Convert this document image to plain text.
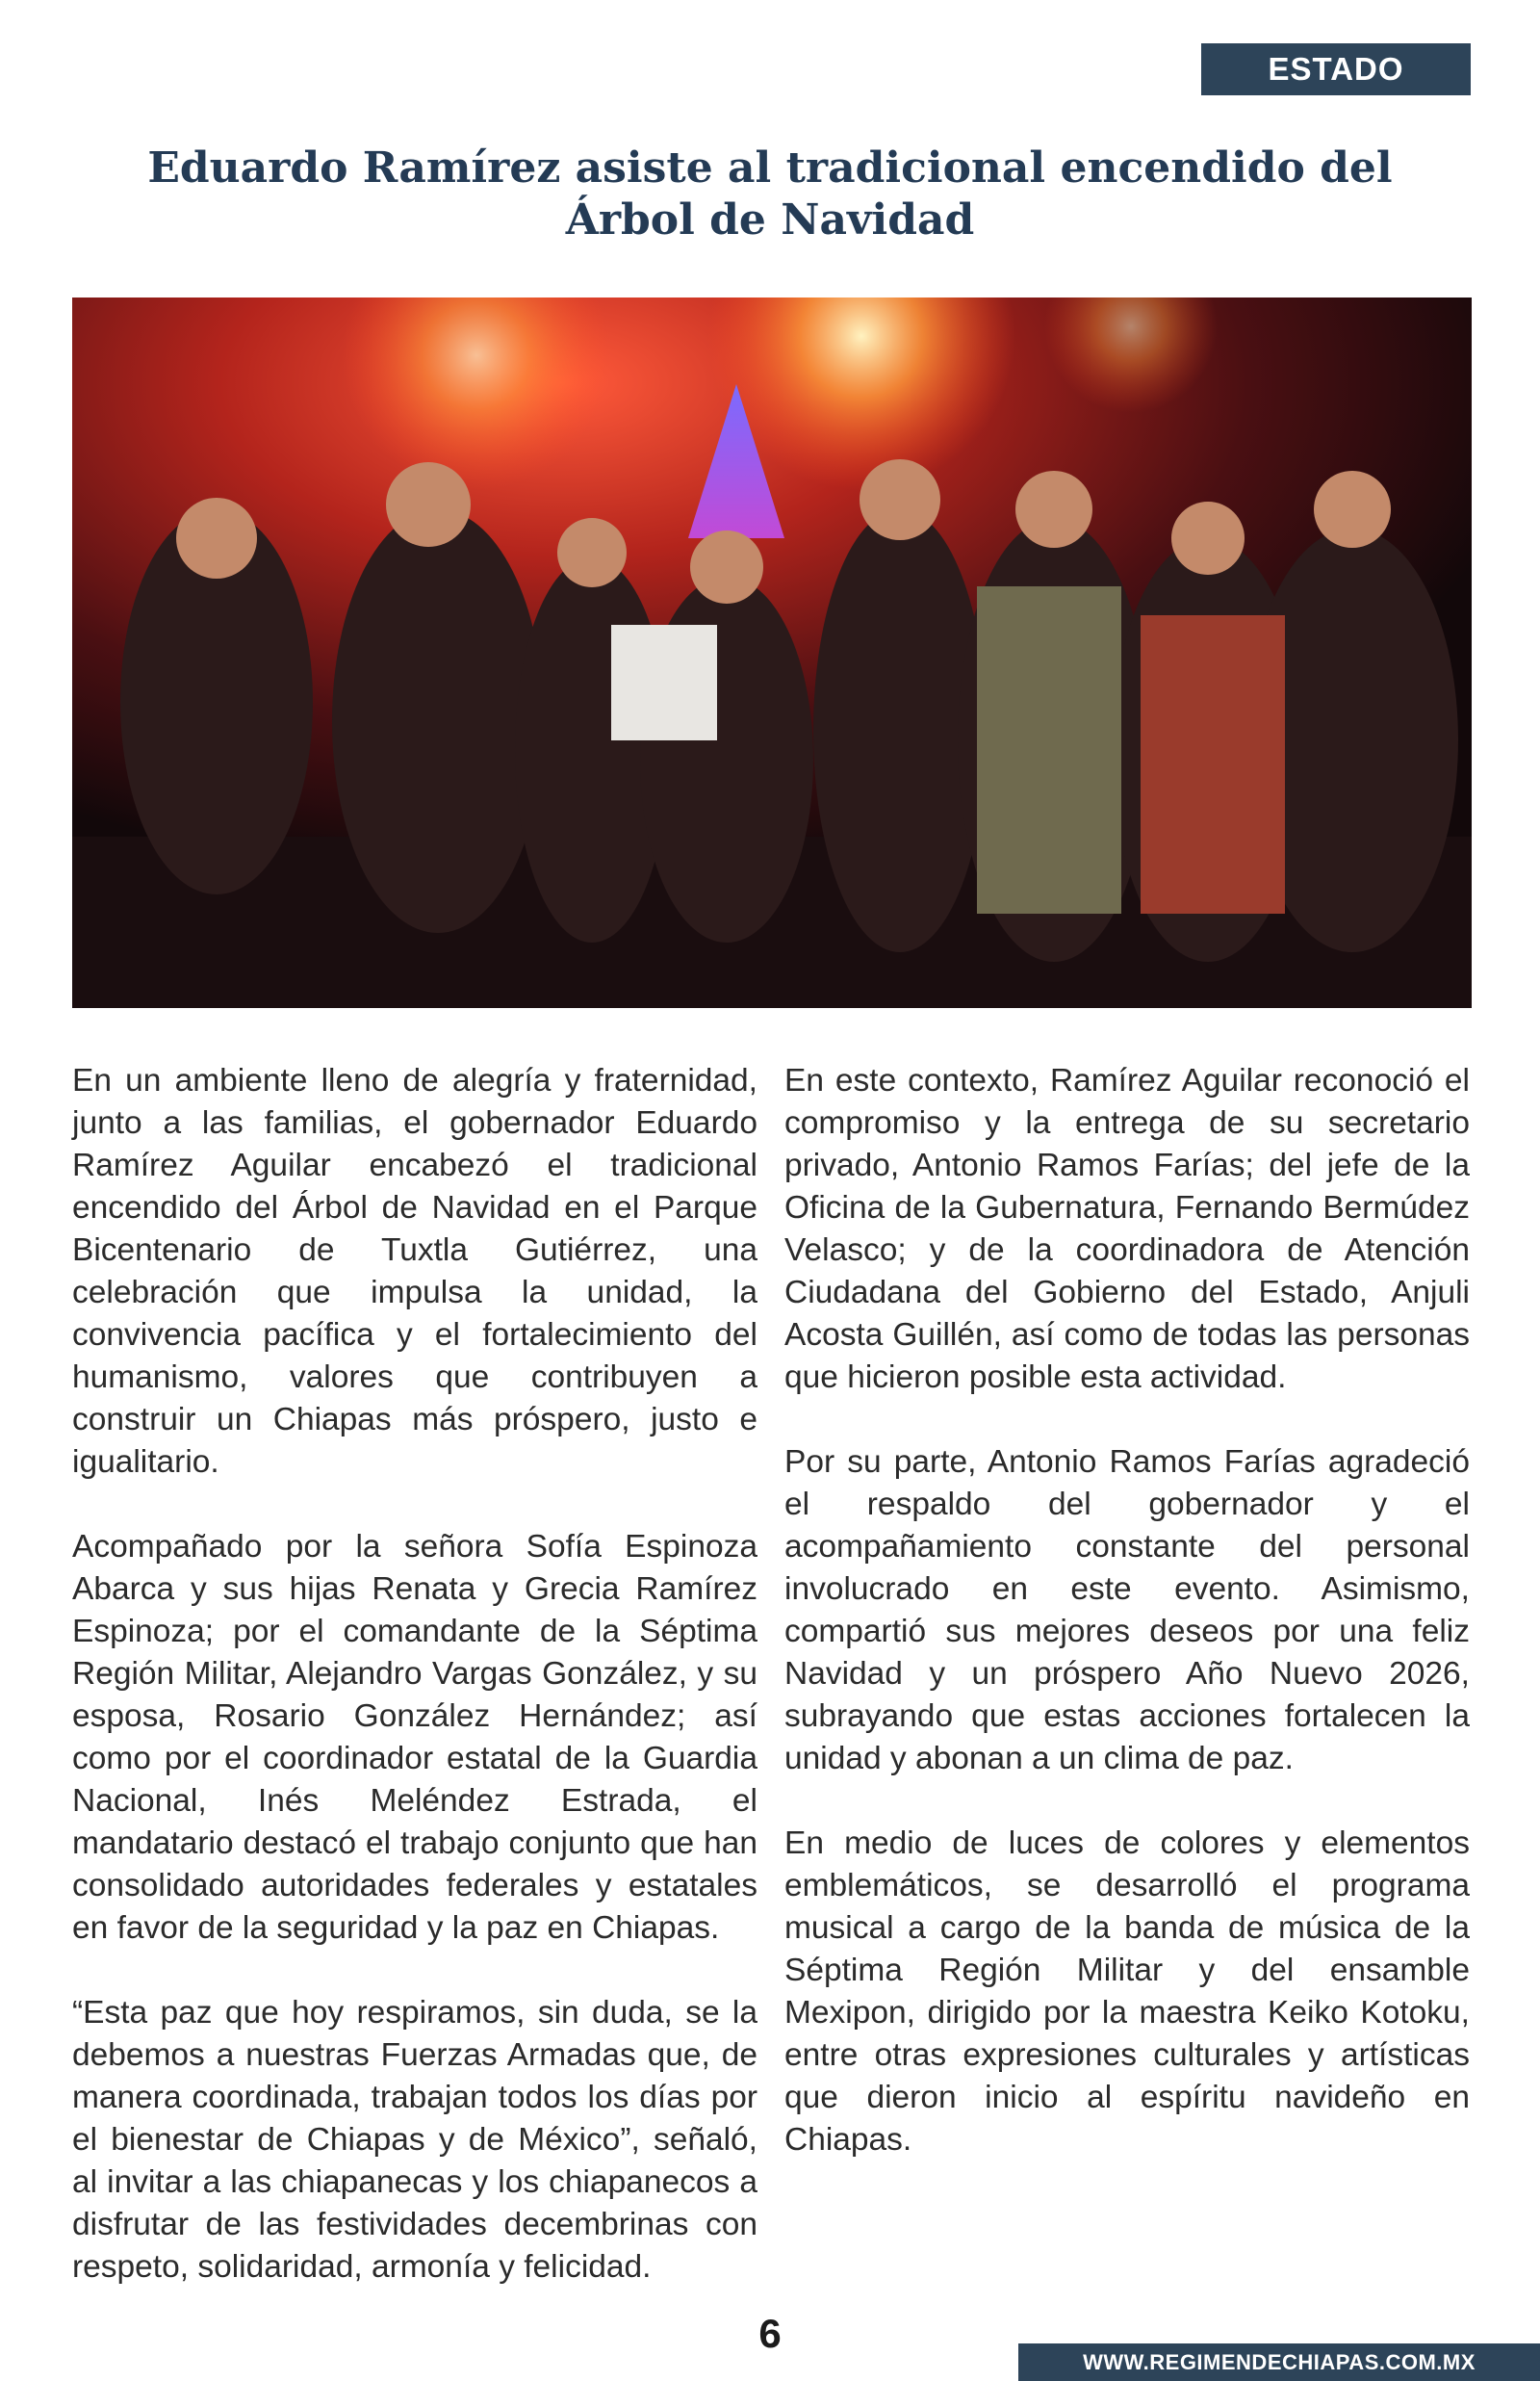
ESTADO
Eduardo Ramírez asiste al tradicional encendido del Árbol de Navidad

En un ambiente lleno de alegría y fraternidad, junto a las familias, el gobernador Eduardo Ramírez Aguilar encabezó el tradicional encendido del Árbol de Navidad en el Parque Bicentenario de Tuxtla Gutiérrez, una celebración que impulsa la unidad, la convivencia pacífica y el fortalecimiento del humanismo, valores que contribuyen a construir un Chiapas más próspero, justo e igualitario.

Acompañado por la señora Sofía Espinoza Abarca y sus hijas Renata y Grecia Ramírez Espinoza; por el comandante de la Séptima Región Militar, Alejandro Vargas González, y su esposa, Rosario González Hernández; así como por el coordinador estatal de la Guardia Nacional, Inés Meléndez Estrada, el mandatario destacó el trabajo conjunto que han consolidado autoridades federales y estatales en favor de la seguridad y la paz en Chiapas.

“Esta paz que hoy respiramos, sin duda, se la debemos a nuestras Fuerzas Armadas que, de manera coordinada, trabajan todos los días por el bienestar de Chiapas y de México”, señaló, al invitar a las chiapanecas y los chiapanecos a disfrutar de las festividades decembrinas con respeto, solidaridad, armonía y felicidad.

En este contexto, Ramírez Aguilar reconoció el compromiso y la entrega de su secretario privado, Antonio Ramos Farías; del jefe de la Oficina de la Gubernatura, Fernando Bermúdez Velasco; y de la coordinadora de Atención Ciudadana del Gobierno del Estado, Anjuli Acosta Guillén, así como de todas las personas que hicieron posible esta actividad.

Por su parte, Antonio Ramos Farías agradeció el respaldo del gobernador y el acompañamiento constante del personal involucrado en este evento. Asimismo, compartió sus mejores deseos por una feliz Navidad y un próspero Año Nuevo 2026, subrayando que estas acciones fortalecen la unidad y abonan a un clima de paz.

En medio de luces de colores y elementos emblemáticos, se desarrolló el programa musical a cargo de la banda de música de la Séptima Región Militar y del ensamble Mexipon, dirigido por la maestra Keiko Kotoku, entre otras expresiones culturales y artísticas que dieron inicio al espíritu navideño en Chiapas.

6
WWW.REGIMENDECHIAPAS.COM.MX
